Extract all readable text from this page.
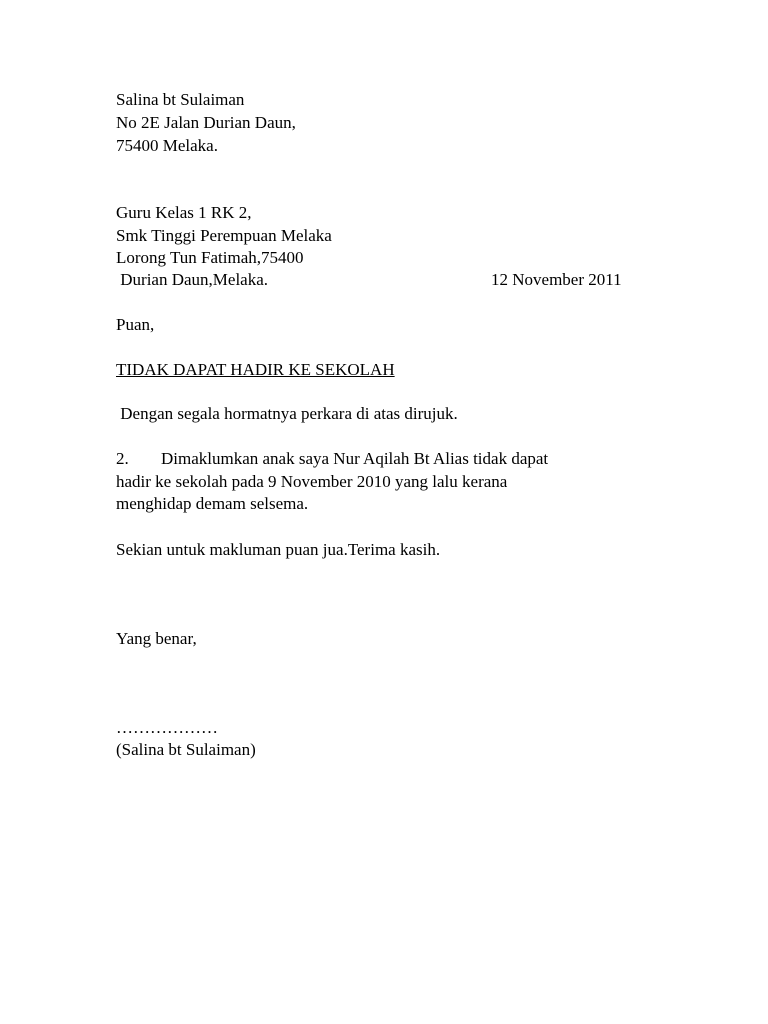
Salina bt Sulaiman
No 2E Jalan Durian Daun,
75400 Melaka.
Guru Kelas 1 RK 2,
Smk Tinggi Perempuan Melaka
Lorong Tun Fatimah,75400
Durian Daun,Melaka.	12 November 2011
Puan,
TIDAK DAPAT HADIR KE SEKOLAH
Dengan segala hormatnya perkara di atas dirujuk.
2. Dimaklumkan anak saya Nur Aqilah Bt Alias tidak dapat
hadir ke sekolah pada 9 November 2010 yang lalu kerana
menghidap demam selsema.
Sekian untuk makluman puan jua.Terima kasih.
Yang benar,
………………
(Salina bt Sulaiman)
